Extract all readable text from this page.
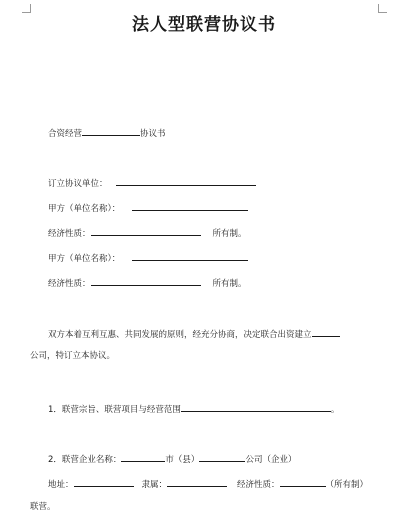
法人型联营协议书
合资经营	协议书
订立协议单位：
甲方（单位名称）：
经济性质：	所有制。
甲方（单位名称）：
经济性质：	所有制。
双方本着互利互惠、共同发展的原则，经充分协商，决定联合出资建立
公司，特订立本协议。
1．联营宗旨、联营项目与经营范围	。
2．联营企业名称：	市（县）	公司（企业）
地址：	隶属：	经济性质：	（所有制）
联营。
